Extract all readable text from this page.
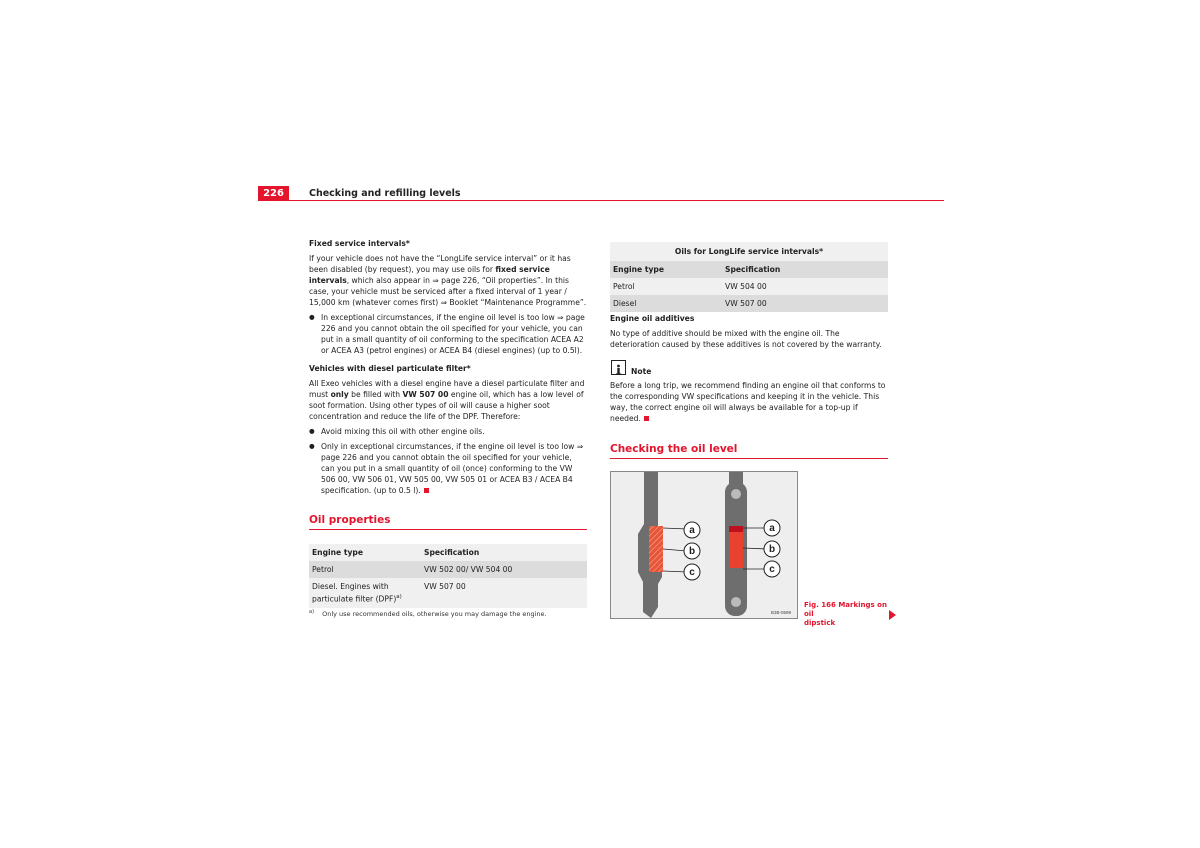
226	Checking and refilling levels

Fixed service intervals*

If your vehicle does not have the “LongLife service interval” or it has been disabled (by request), you may use oils for fixed service intervals, which also appear in ⇒ page 226, “Oil properties”. In this case, your vehicle must be serviced after a fixed interval of 1 year / 15,000 km (whatever comes first) ⇒ Booklet “Maintenance Programme”.

● In exceptional circumstances, if the engine oil level is too low ⇒ page 226 and you cannot obtain the oil specified for your vehicle, you can put in a small quantity of oil conforming to the specification ACEA A2 or ACEA A3 (petrol engines) or ACEA B4 (diesel engines) (up to 0.5l).

Vehicles with diesel particulate filter*

All Exeo vehicles with a diesel engine have a diesel particulate filter and must only be filled with VW 507 00 engine oil, which has a low level of soot formation. Using other types of oil will cause a higher soot concentration and reduce the life of the DPF. Therefore:

● Avoid mixing this oil with other engine oils.

● Only in exceptional circumstances, if the engine oil level is too low ⇒ page 226 and you cannot obtain the oil specified for your vehicle, can you put in a small quantity of oil (once) conforming to the VW 506 00, VW 506 01, VW 505 00, VW 505 01 or ACEA B3 / ACEA B4 specification. (up to 0.5 l).

Oil properties
Engine type	Specification
Petrol	VW 502 00/ VW 504 00
Diesel. Engines with particulate filter (DPF)$^{a)}$	VW 507 00
$^{a)}$ Only use recommended oils, otherwise you may damage the engine.
Oils for LongLife service intervals*	
Engine type	Specification
Petrol	VW 504 00
Diesel	VW 507 00

Engine oil additives

No type of additive should be mixed with the engine oil. The deterioration caused by these additives is not covered by the warranty.

Note
Before a long trip, we recommend finding an engine oil that conforms to the corresponding VW specifications and keeping it in the vehicle. This way, the correct engine oil will always be available for a top-up if needed.
Checking the oil level
a
b
c
a
b
c
B3B-0599
Fig. 166 Markings on oil
dipstick
